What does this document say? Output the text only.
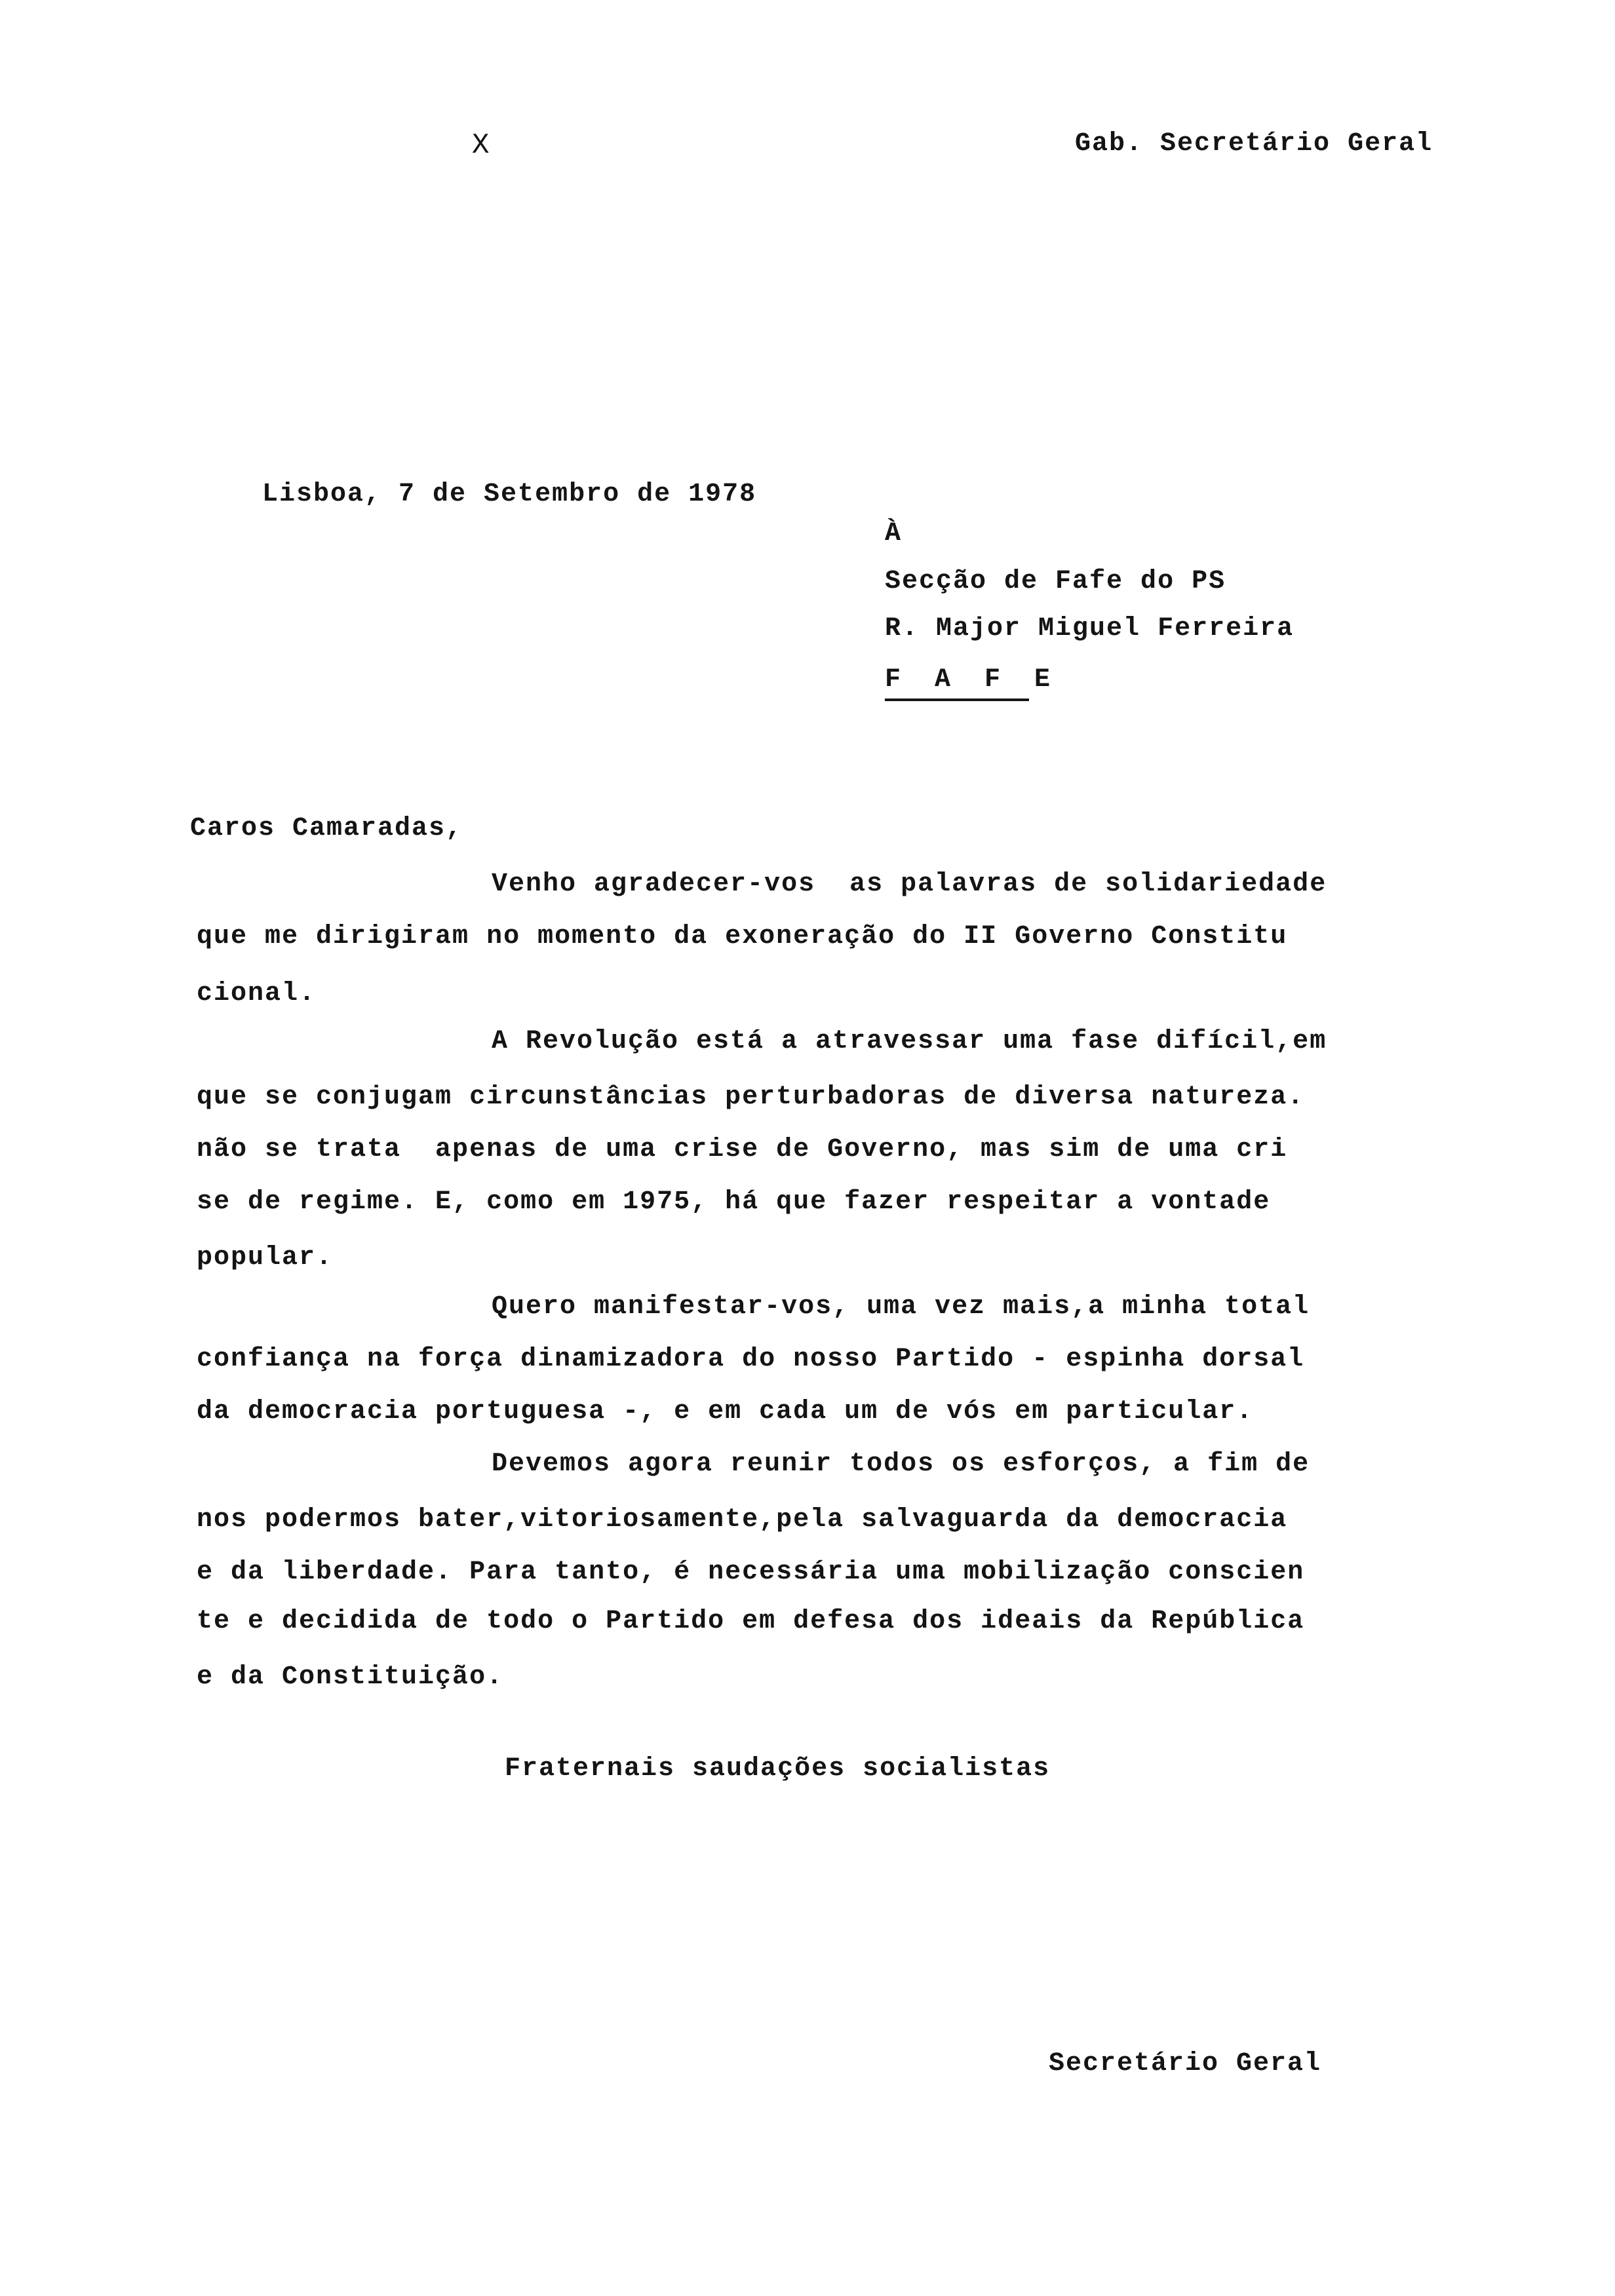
X	Gab. Secretário Geral
Lisboa, 7 de Setembro de 1978
À
Secção de Fafe do PS
R. Major Miguel Ferreira
F A F E
Caros Camaradas,
Venho agradecer-vos  as palavras de solidariedade
que me dirigiram no momento da exoneração do II Governo Constitu
cional.
A Revolução está a atravessar uma fase difícil,em
que se conjugam circunstâncias perturbadoras de diversa natureza.
não se trata  apenas de uma crise de Governo, mas sim de uma cri
se de regime. E, como em 1975, há que fazer respeitar a vontade
popular.
Quero manifestar-vos, uma vez mais,a minha total
confiança na força dinamizadora do nosso Partido - espinha dorsal
da democracia portuguesa -, e em cada um de vós em particular.
Devemos agora reunir todos os esforços, a fim de
nos podermos bater,vitoriosamente,pela salvaguarda da democracia
e da liberdade. Para tanto, é necessária uma mobilização conscien
te e decidida de todo o Partido em defesa dos ideais da República
e da Constituição.
Fraternais saudações socialistas
Secretário Geral
